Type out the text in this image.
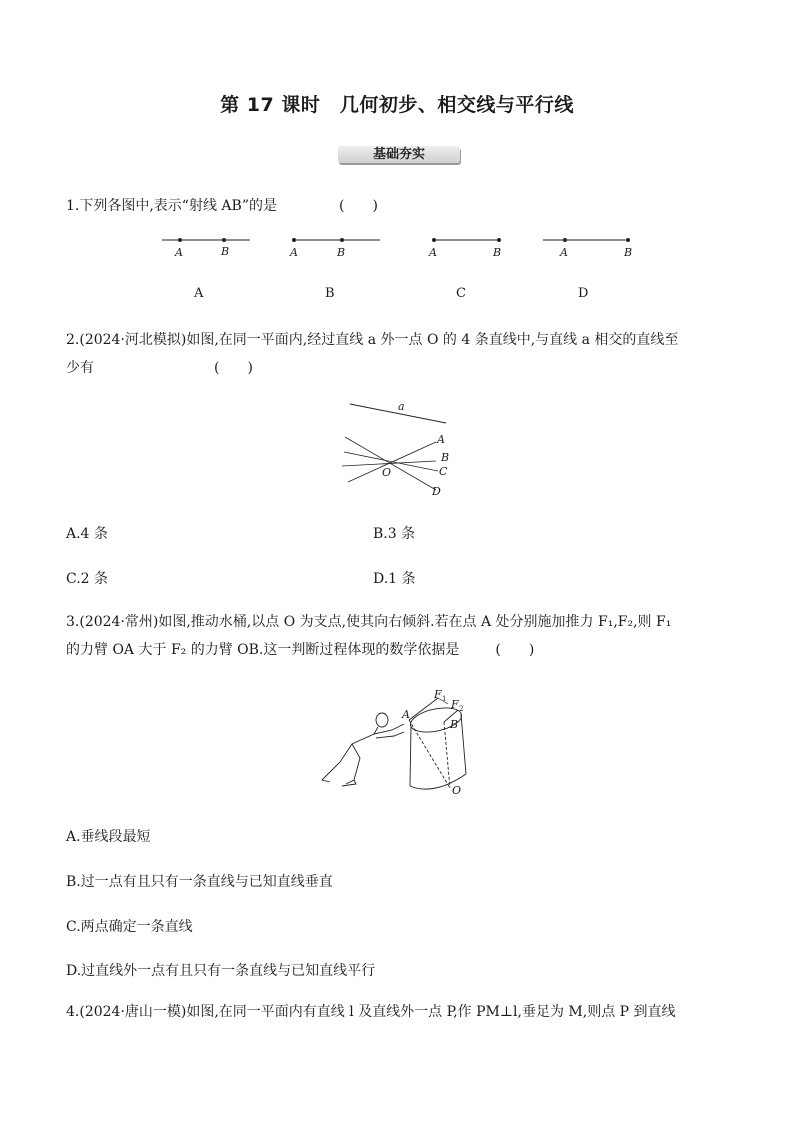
第 17 课时　几何初步、相交线与平行线
基础夯实
1.下列各图中,表示“射线 AB”的是	(　　)
A	B	A	B	A	B	A	B
A	B	C	D
2.(2024·河北模拟)如图,在同一平面内,经过直线 a 外一点 O 的 4 条直线中,与直线 a 相交的直线至
少有	(　　)
a
A
B
C
D
O
A.4 条	B.3 条
C.2 条	D.1 条
3.(2024·常州)如图,推动水桶,以点 O 为支点,使其向右倾斜.若在点 A 处分别施加推力 F₁,F₂,则 F₁
的力臂 OA 大于 F₂ 的力臂 OB.这一判断过程体现的数学依据是	(　　)
A
B
O
F 1 F 2
A.垂线段最短
B.过一点有且只有一条直线与已知直线垂直
C.两点确定一条直线
D.过直线外一点有且只有一条直线与已知直线平行
4.(2024·唐山一模)如图,在同一平面内有直线 l 及直线外一点 P,作 PM⊥l,垂足为 M,则点 P 到直线
